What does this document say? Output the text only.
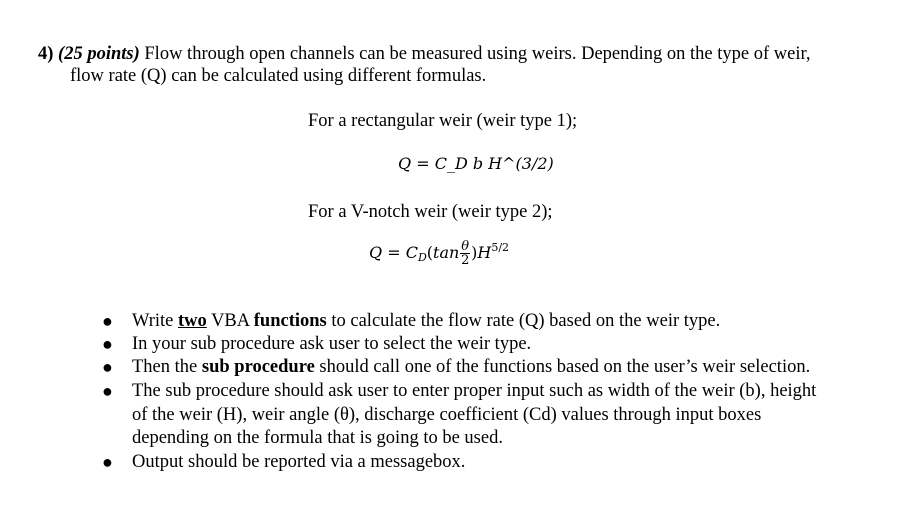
4) (25 points) Flow through open channels can be measured using weirs. Depending on the type of weir,
flow rate (Q) can be calculated using different formulas.
For a rectangular weir (weir type 1);
Q = C_D b H^(3/2)
For a V-notch weir (weir type 2);
$Q = C_D(\tan \frac{\theta}{2} )H^{5/2}$
● Write two VBA functions to calculate the flow rate (Q) based on the weir type.
● In your sub procedure ask user to select the weir type.
● Then the sub procedure should call one of the functions based on the user’s weir selection.
● The sub procedure should ask user to enter proper input such as width of the weir (b), height
of the weir (H), weir angle (θ), discharge coefficient (Cd) values through input boxes
depending on the formula that is going to be used.
● Output should be reported via a messagebox.
